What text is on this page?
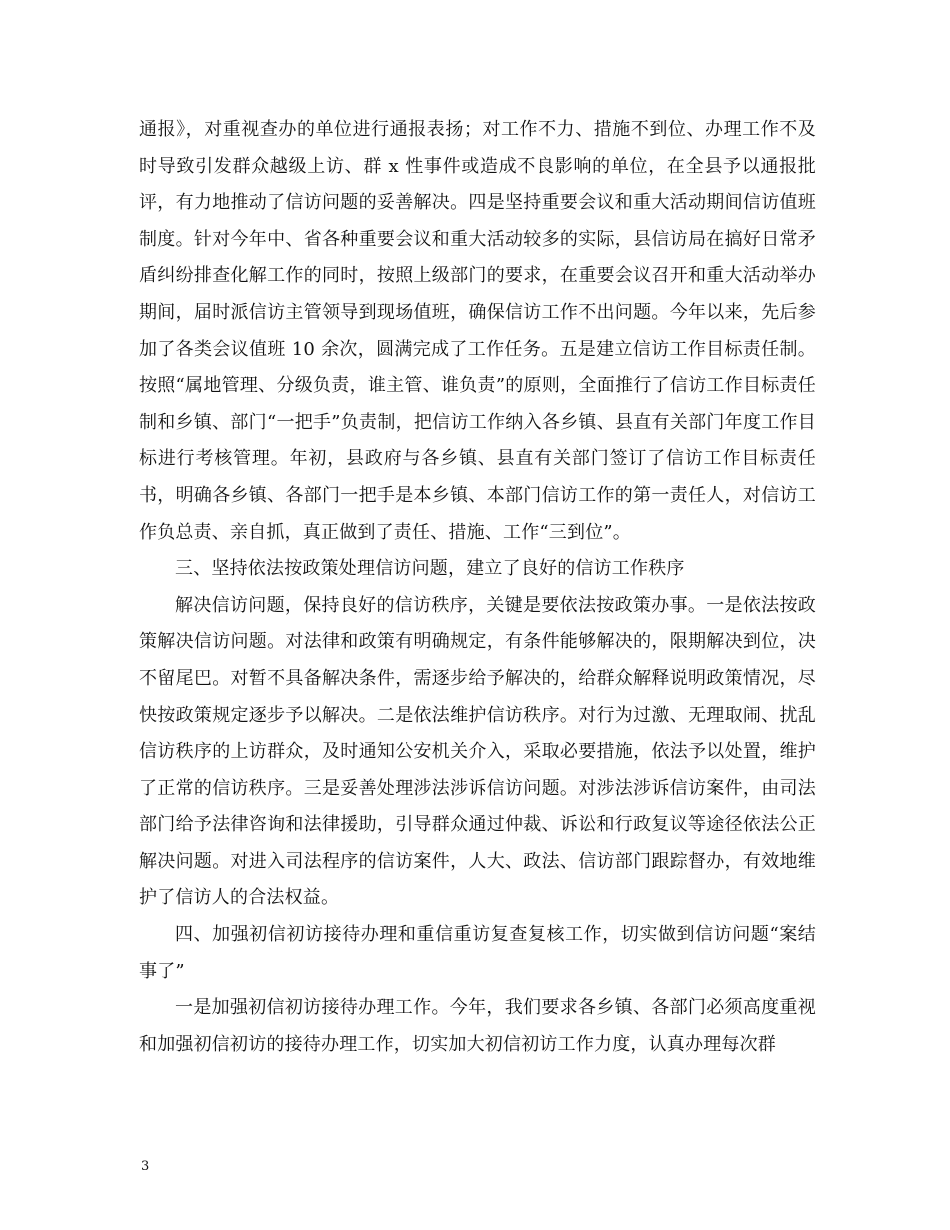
通报》，对重视查办的单位进行通报表扬；对工作不力、措施不到位、办理工作不及时导致引发群众越级上访、群 x 性事件或造成不良影响的单位，在全县予以通报批评，有力地推动了信访问题的妥善解决。四是坚持重要会议和重大活动期间信访值班制度。针对今年中、省各种重要会议和重大活动较多的实际，县信访局在搞好日常矛盾纠纷排查化解工作的同时，按照上级部门的要求，在重要会议召开和重大活动举办期间，届时派信访主管领导到现场值班，确保信访工作不出问题。今年以来，先后参加了各类会议值班 10 余次，圆满完成了工作任务。五是建立信访工作目标责任制。按照“属地管理、分级负责，谁主管、谁负责”的原则，全面推行了信访工作目标责任制和乡镇、部门“一把手”负责制，把信访工作纳入各乡镇、县直有关部门年度工作目标进行考核管理。年初，县政府与各乡镇、县直有关部门签订了信访工作目标责任书，明确各乡镇、各部门一把手是本乡镇、本部门信访工作的第一责任人，对信访工作负总责、亲自抓，真正做到了责任、措施、工作“三到位”。

三、坚持依法按政策处理信访问题，建立了良好的信访工作秩序

解决信访问题，保持良好的信访秩序，关键是要依法按政策办事。一是依法按政策解决信访问题。对法律和政策有明确规定，有条件能够解决的，限期解决到位，决不留尾巴。对暂不具备解决条件，需逐步给予解决的，给群众解释说明政策情况，尽快按政策规定逐步予以解决。二是依法维护信访秩序。对行为过激、无理取闹、扰乱信访秩序的上访群众，及时通知公安机关介入，采取必要措施，依法予以处置，维护了正常的信访秩序。三是妥善处理涉法涉诉信访问题。对涉法涉诉信访案件，由司法部门给予法律咨询和法律援助，引导群众通过仲裁、诉讼和行政复议等途径依法公正解决问题。对进入司法程序的信访案件，人大、政法、信访部门跟踪督办，有效地维护了信访人的合法权益。

四、加强初信初访接待办理和重信重访复查复核工作，切实做到信访问题“案结事了”

一是加强初信初访接待办理工作。今年，我们要求各乡镇、各部门必须高度重视和加强初信初访的接待办理工作，切实加大初信初访工作力度，认真办理每次群

3
